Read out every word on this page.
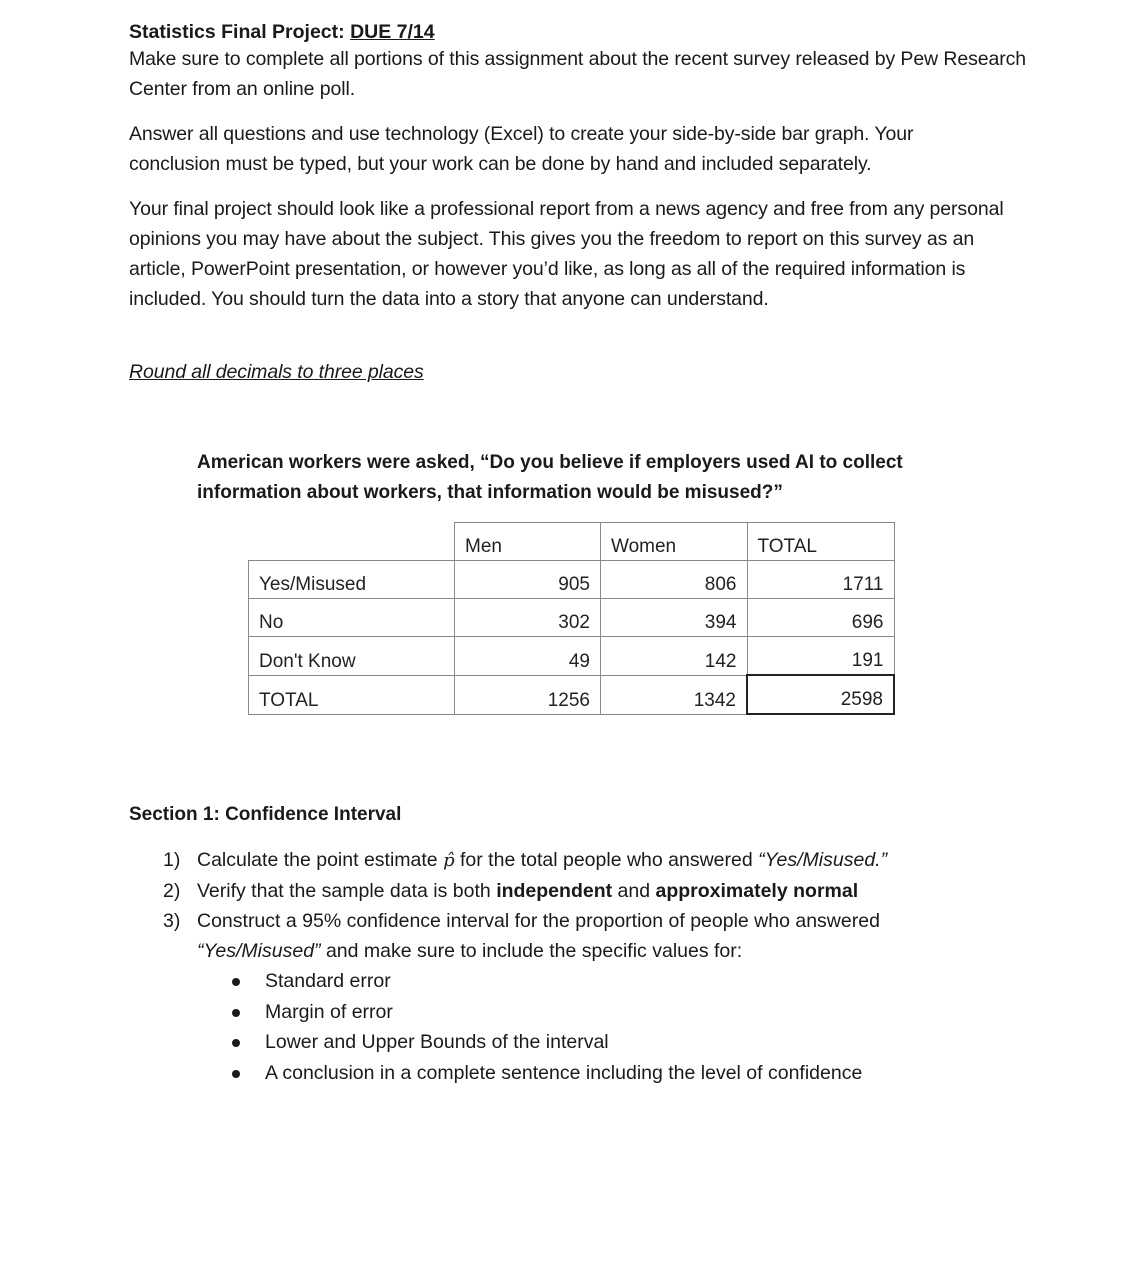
Statistics Final Project: DUE 7/14
Make sure to complete all portions of this assignment about the recent survey released by Pew Research Center from an online poll.
Answer all questions and use technology (Excel) to create your side-by-side bar graph. Your conclusion must be typed, but your work can be done by hand and included separately.
Your final project should look like a professional report from a news agency and free from any personal opinions you may have about the subject. This gives you the freedom to report on this survey as an article, PowerPoint presentation, or however you’d like, as long as all of the required information is included. You should turn the data into a story that anyone can understand.
Round all decimals to three places
American workers were asked, “Do you believe if employers used AI to collect information about workers, that information would be misused?”
	Men	Women	TOTAL
Yes/Misused	905	806	1711
No	302	394	696
Don't Know	49	142	191
TOTAL	1256	1342	2598
Section 1: Confidence Interval
1) Calculate the point estimate p̂ for the total people who answered “Yes/Misused.”
2) Verify that the sample data is both independent and approximately normal
3) Construct a 95% confidence interval for the proportion of people who answered “Yes/Misused” and make sure to include the specific values for:
Standard error
Margin of error
Lower and Upper Bounds of the interval
A conclusion in a complete sentence including the level of confidence
